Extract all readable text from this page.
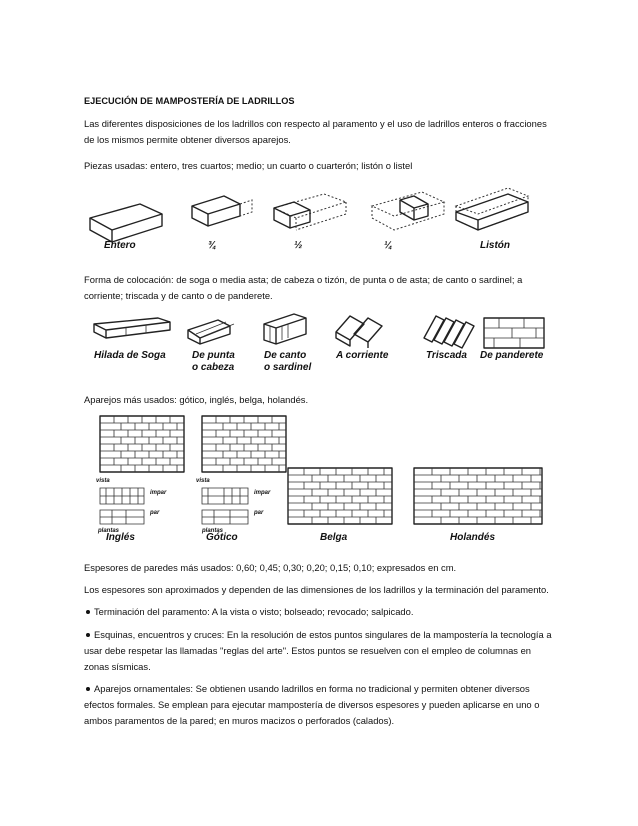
EJECUCIÓN DE MAMPOSTERÍA DE LADRILLOS
Las diferentes disposiciones de los ladrillos con respecto al paramento y el uso de ladrillos enteros o fracciones de los mismos permite obtener diversos aparejos.
Piezas usadas: entero, tres cuartos; medio; un cuarto o cuarterón; listón o listel
Entero	¾	½	¼	Listón
Forma de colocación: de soga o media asta; de cabeza o tizón, de punta o de asta; de canto o sardinel; a corriente; triscada y de canto o de panderete.
Hilada de Soga	De punta
o cabeza
De canto
o sardinel
A corriente	Triscada De panderete
Aparejos más usados: gótico, inglés, belga, holandés.
vista	vista
impar	impar
par	par
plantas	plantas
Inglés	Gótico	Belga	Holandés
Espesores de paredes más usados: 0,60; 0,45; 0,30; 0,20; 0,15; 0,10; expresados en cm.
Los espesores son aproximados y dependen de las dimensiones de los ladrillos y la terminación del paramento.
Terminación del paramento: A la vista o visto; bolseado; revocado; salpicado.
Esquinas, encuentros y cruces: En la resolución de estos puntos singulares de la mampostería la tecnología a usar debe respetar las llamadas "reglas del arte". Estos puntos se resuelven con el empleo de columnas en zonas sísmicas.
Aparejos ornamentales: Se obtienen usando ladrillos en forma no tradicional y permiten obtener diversos efectos formales. Se emplean para ejecutar mampostería de diversos espesores y pueden aplicarse en uno o ambos paramentos de la pared; en muros macizos o perforados (calados).
